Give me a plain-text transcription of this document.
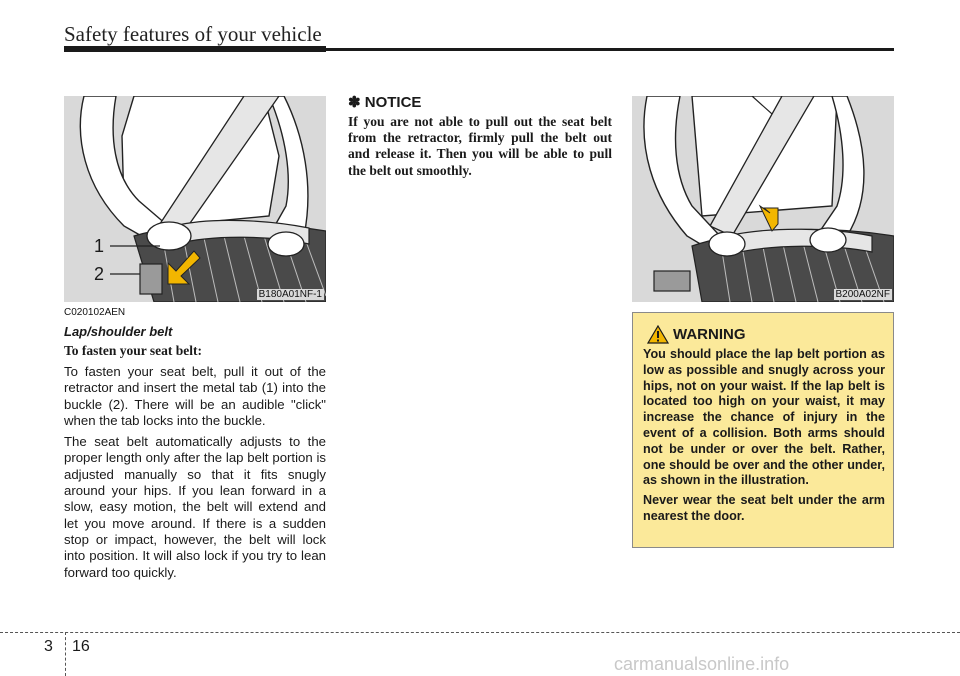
Safety features of your vehicle
1
2
B180A01NF-1	B200A02NF
C020102AEN
Lap/shoulder belt
To fasten your seat belt:

To fasten your seat belt, pull it out of the retractor and insert the metal tab (1) into the buckle (2). There will be an audible "click" when the tab locks into the buckle.

The seat belt automatically adjusts to the proper length only after the lap belt portion is adjusted manually so that it fits snugly around your hips. If you lean forward in a slow, easy motion, the belt will extend and let you move around. If there is a sudden stop or impact, however, the belt will lock into position. It will also lock if you try to lean forward too quickly.

✽ NOTICE

If you are not able to pull out the seat belt from the retractor, firmly pull the belt out and release it. Then you will be able to pull the belt out smoothly.

WARNING

You should place the lap belt portion as low as possible and snugly across your hips, not on your waist. If the lap belt is located too high on your waist, it may increase the chance of injury in the event of a collision. Both arms should not be under or over the belt. Rather, one should be over and the other under, as shown in the illustration.

Never wear the seat belt under the arm nearest the door.

3 16
carmanualsonline.info
